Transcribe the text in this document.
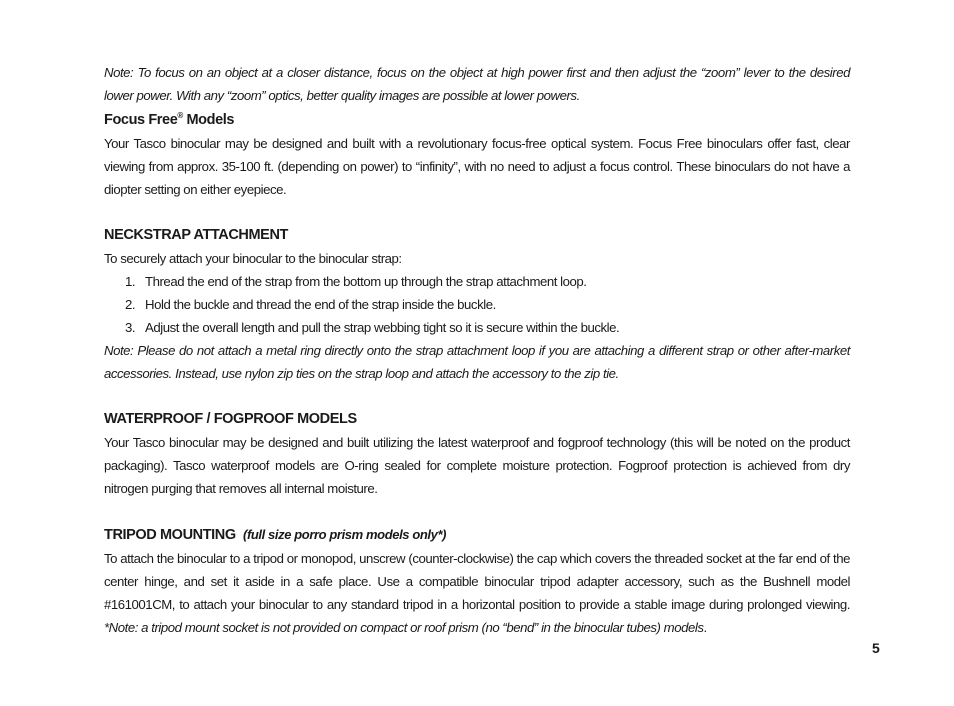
Note: To focus on an object at a closer distance, focus on the object at high power first and then adjust the “zoom” lever to the desired lower power. With any “zoom” optics, better quality images are possible at lower powers.

Focus Free® Models

Your Tasco binocular may be designed and built with a revolutionary focus-free optical system. Focus Free binoculars offer fast, clear viewing from approx. 35-100 ft. (depending on power) to “infinity”, with no need to adjust a focus control. These binoculars do not have a diopter setting on either eyepiece.

NECKSTRAP ATTACHMENT

To securely attach your binocular to the binocular strap:

1. Thread the end of the strap from the bottom up through the strap attachment loop.
2. Hold the buckle and thread the end of the strap inside the buckle.
3. Adjust the overall length and pull the strap webbing tight so it is secure within the buckle.

Note: Please do not attach a metal ring directly onto the strap attachment loop if you are attaching a different strap or other after-market accessories. Instead, use nylon zip ties on the strap loop and attach the accessory to the zip tie.

WATERPROOF / FOGPROOF MODELS

Your Tasco binocular may be designed and built utilizing the latest waterproof and fogproof technology (this will be noted on the product packaging). Tasco waterproof models are O-ring sealed for complete moisture protection. Fogproof protection is achieved from dry nitrogen purging that removes all internal moisture.

TRIPOD MOUNTING (full size porro prism models only*)

To attach the binocular to a tripod or monopod, unscrew (counter-clockwise) the cap which covers the threaded socket at the far end of the center hinge, and set it aside in a safe place. Use a compatible binocular tripod adapter accessory, such as the Bushnell model #161001CM, to attach your binocular to any standard tripod in a horizontal position to provide a stable image during prolonged viewing. *Note: a tripod mount socket is not provided on compact or roof prism (no “bend” in the binocular tubes) models.

5
